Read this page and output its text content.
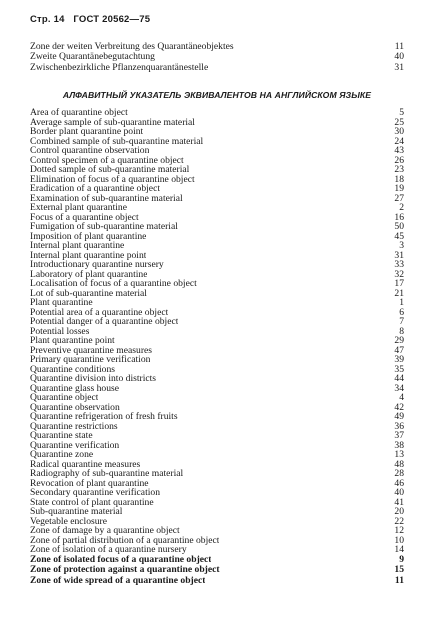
Стр. 14 ГОСТ 20562—75
Zone der weiten Verbreitung des Quarantäneobjektes	11
Zweite Quarantänebegutachtung	40
Zwischenbezirkliche Pflanzenquarantänestelle	31
АЛФАВИТНЫЙ УКАЗАТЕЛЬ ЭКВИВАЛЕНТОВ НА АНГЛИЙСКОМ ЯЗЫКЕ
Area of quarantine object	5
Average sample of sub-quarantine material	25
Border plant quarantine point	30
Combined sample of sub-quarantine material	24
Control quarantine observation	43
Control specimen of a quarantine object	26
Dotted sample of sub-quarantine material	23
Elimination of focus of a quarantine object	18
Eradication of a quarantine object	19
Examination of sub-quarantine material	27
External plant quarantine	2
Focus of a quarantine object	16
Fumigation of sub-quarantine material	50
Imposition of plant quarantine	45
Internal plant quarantine	3
Internal plant quarantine point	31
Introductionary quarantine nursery	33
Laboratory of plant quarantine	32
Localisation of focus of a quarantine object	17
Lot of sub-quarantine material	21
Plant quarantine	1
Potential area of a quarantine object	6
Potential danger of a quarantine object	7
Potential losses	8
Plant quarantine point	29
Preventive quarantine measures	47
Primary quarantine verification	39
Quarantine conditions	35
Quarantine division into districts	44
Quarantine glass house	34
Quarantine object	4
Quarantine observation	42
Quarantine refrigeration of fresh fruits	49
Quarantine restrictions	36
Quarantine state	37
Quarantine verification	38
Quarantine zone	13
Radical quarantine measures	48
Radiography of sub-quarantine material	28
Revocation of plant quarantine	46
Secondary quarantine verification	40
State control of plant quarantine	41
Sub-quarantine material	20
Vegetable enclosure	22
Zone of damage by a quarantine object	12
Zone of partial distribution of a quarantine object	10
Zone of isolation of a quarantine nursery	14
Zone of isolated focus of a quarantine object	9
Zone of protection against a quarantine object	15
Zone of wide spread of a quarantine object	11
